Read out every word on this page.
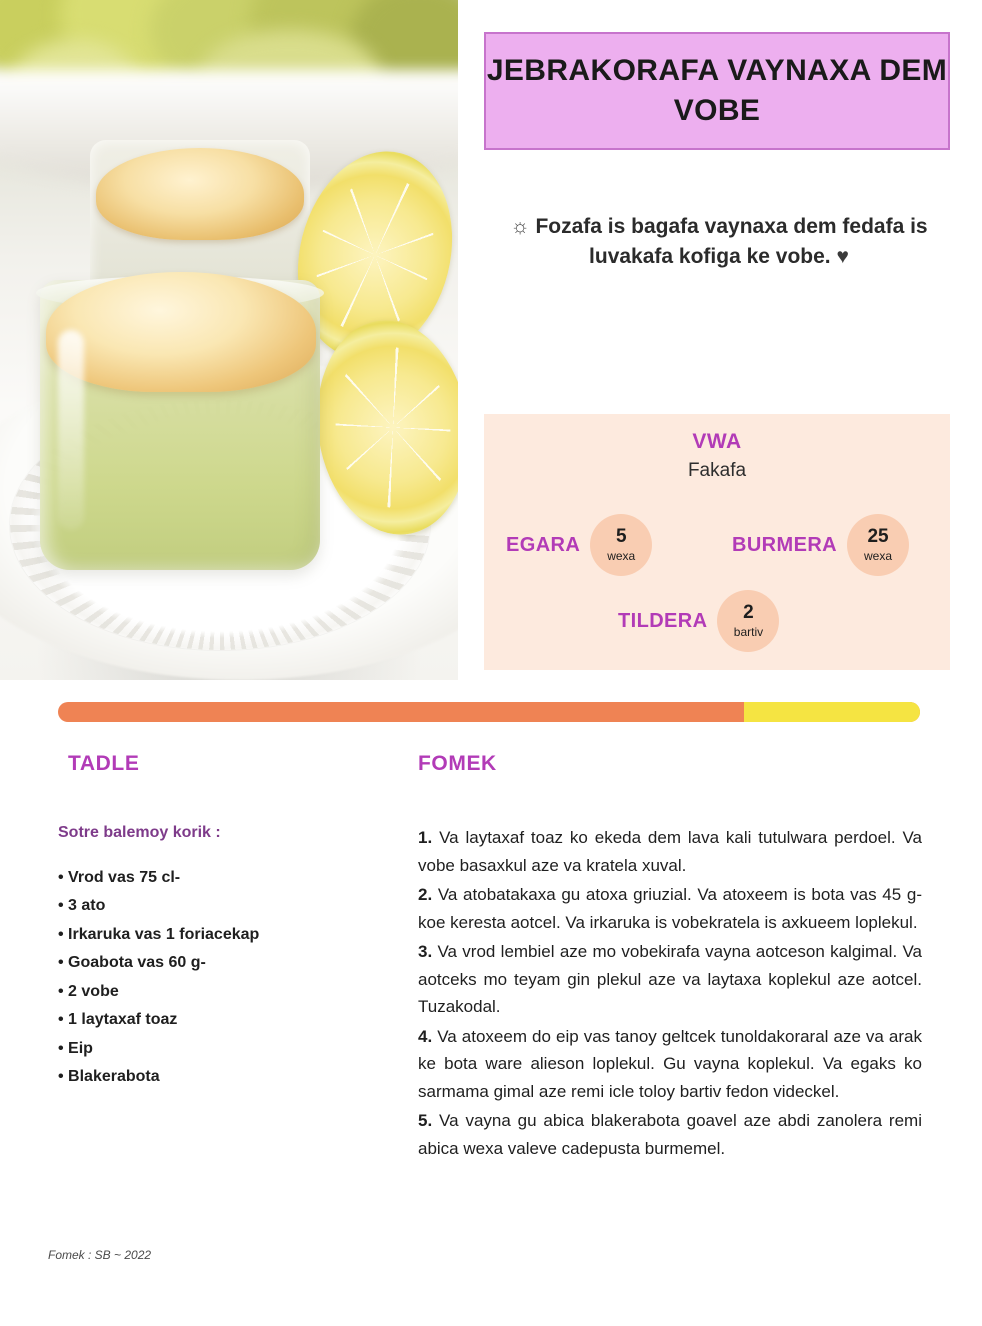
JEBRAKORAFA VAYNAXA DEM VOBE
☼ Fozafa is bagafa vaynaxa dem fedafa is luvakafa kofiga ke vobe. ♥
VWA
Fakafa
EGARA 5
wexa
BURMERA 25
wexa
TILDERA 2
bartiv
TADLE

Sotre balemoy korik :

• Vrod vas 75 cl-
• 3 ato
• Irkaruka vas 1 foriacekap
• Goabota vas 60 g-
• 2 vobe
• 1 laytaxaf toaz
• Eip
• Blakerabota
FOMEK

1. Va laytaxaf toaz ko ekeda dem lava kali tutulwara perdoel. Va vobe basaxkul aze va kratela xuval.

2. Va atobatakaxa gu atoxa griuzial. Va atoxeem is bota vas 45 g- koe keresta aotcel. Va irkaruka is vobekratela is axkueem loplekul.

3. Va vrod lembiel aze mo vobekirafa vayna aotceson kalgimal. Va aotceks mo teyam gin plekul aze va laytaxa koplekul aze aotcel. Tuzakodal.

4. Va atoxeem do eip vas tanoy geltcek tunoldakoraral aze va arak ke bota ware alieson loplekul. Gu vayna koplekul. Va egaks ko sarmama gimal aze remi icle toloy bartiv fedon videckel.

5. Va vayna gu abica blakerabota goavel aze abdi zanolera remi abica wexa valeve cadepusta burmemel.

Fomek : SB ~ 2022
